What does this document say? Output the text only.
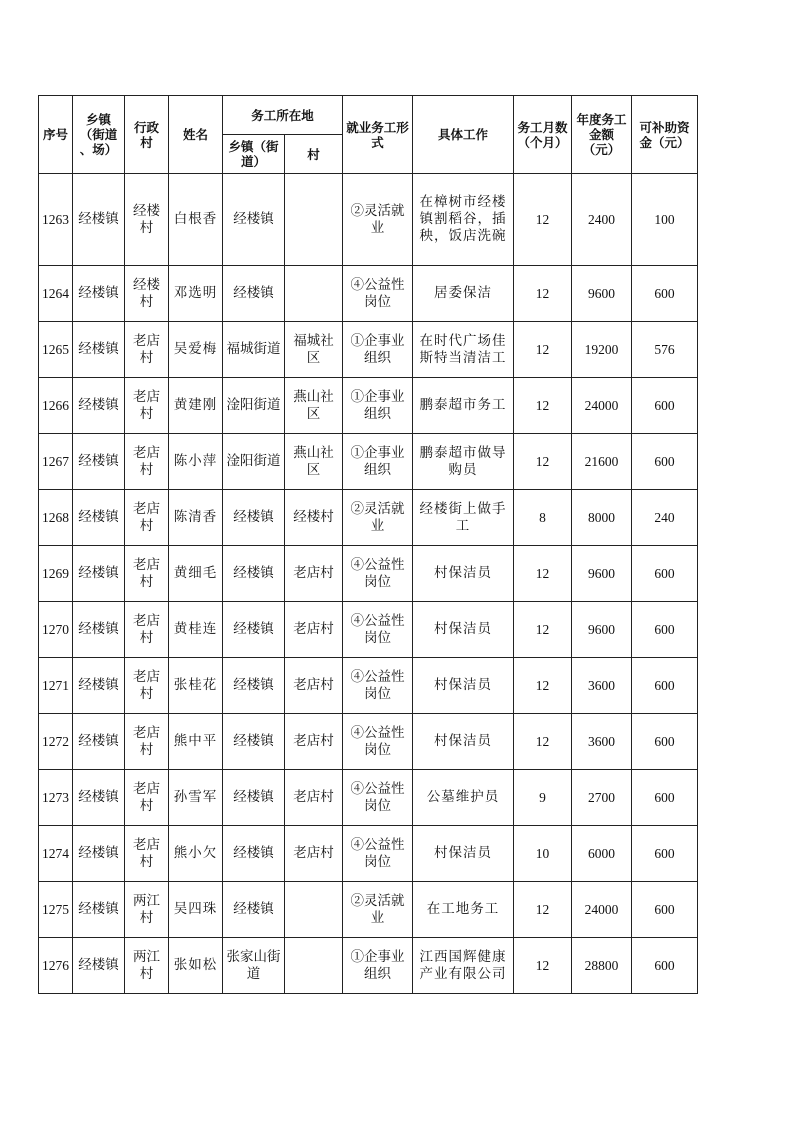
序号	乡镇
（街道
、场）	行政村	姓名	务工所在地		就业务工形
式	具体工作	务工月数
（个月）	年度务工
金额
（元）	可补助资
金（元）
				乡镇（街
道）	村					
1263	经楼镇	经楼
村	白根香	经楼镇		②灵活就
业	在樟树市经楼
镇割稻谷，插
秧，饭店洗碗	12	2400	100
1264	经楼镇	经楼
村	邓选明	经楼镇		④公益性
岗位	居委保洁	12	9600	600
1265	经楼镇	老店
村	吴爱梅	福城街道	福城社
区	①企事业
组织	在时代广场佳
斯特当清洁工	12	19200	576
1266	经楼镇	老店
村	黄建刚	淦阳街道	燕山社
区	①企事业
组织	鹏泰超市务工	12	24000	600
1267	经楼镇	老店
村	陈小萍	淦阳街道	燕山社
区	①企事业
组织	鹏泰超市做导
购员	12	21600	600
1268	经楼镇	老店
村	陈清香	经楼镇	经楼村	②灵活就
业	经楼街上做手
工	8	8000	240
1269	经楼镇	老店
村	黄细毛	经楼镇	老店村	④公益性
岗位	村保洁员	12	9600	600
1270	经楼镇	老店
村	黄桂连	经楼镇	老店村	④公益性
岗位	村保洁员	12	9600	600
1271	经楼镇	老店
村	张桂花	经楼镇	老店村	④公益性
岗位	村保洁员	12	3600	600
1272	经楼镇	老店
村	熊中平	经楼镇	老店村	④公益性
岗位	村保洁员	12	3600	600
1273	经楼镇	老店
村	孙雪军	经楼镇	老店村	④公益性
岗位	公墓维护员	9	2700	600
1274	经楼镇	老店
村	熊小欠	经楼镇	老店村	④公益性
岗位	村保洁员	10	6000	600
1275	经楼镇	两江
村	吴四珠	经楼镇		②灵活就
业	在工地务工	12	24000	600
1276	经楼镇	两江
村	张如松	张家山街
道		①企事业
组织	江西国辉健康
产业有限公司	12	28800	600
